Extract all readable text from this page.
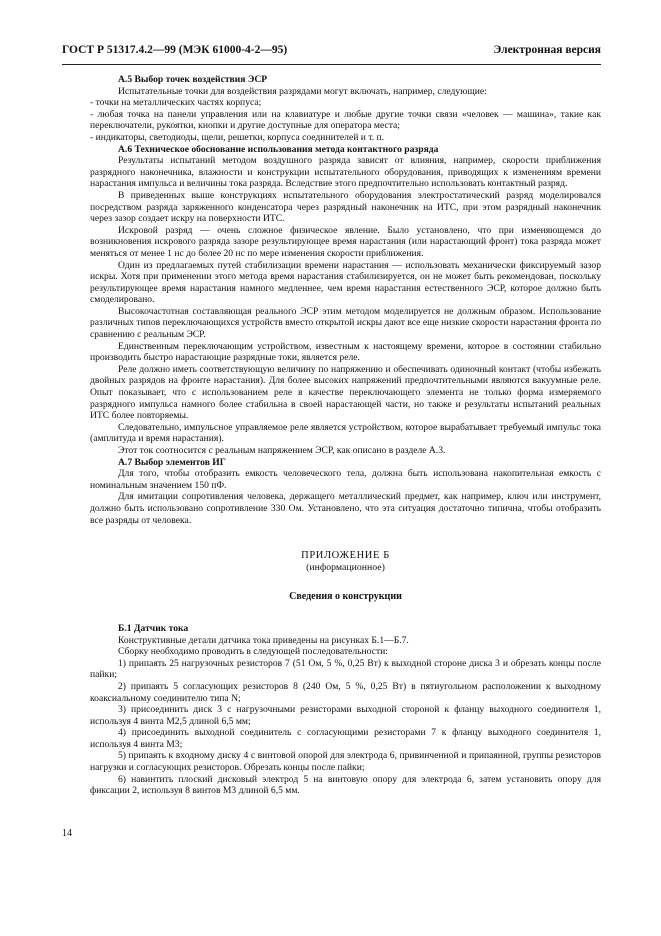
ГОСТ Р 51317.4.2—99 (МЭК 61000-4-2—95)	Электронная версия

А.5 Выбор точек воздействия ЭСР

Испытательные точки для воздействия разрядами могут включать, например, следующие:

- точки на металлических частях корпуса;

- любая точка на панели управления или на клавиатуре и любые другие точки связи «человек — машина», такие как переключатели, рукоятки, кнопки и другие доступные для оператора места;

- индикаторы, светодиоды, щели, решетки, корпуса соединителей и т. п.

А.6 Техническое обоснование использования метода контактного разряда

Результаты испытаний методом воздушного разряда зависят от влияния, например, скорости приближения разрядного наконечника, влажности и конструкции испытательного оборудования, приводящих к изменениям времени нарастания импульса и величины тока разряда. Вследствие этого предпочтительно использовать контактный разряд.

В приведенных выше конструкциях испытательного оборудования электростатический разряд моделировался посредством разряда заряженного конденсатора через разрядный наконечник на ИТС, при этом разрядный наконечник через зазор создает искру на поверхности ИТС.

Искровой разряд — очень сложное физическое явление. Было установлено, что при изменяющемся до возникновения искрового разряда зазоре результирующее время нарастания (или нарастающий фронт) тока разряда может меняться от менее 1 нс до более 20 нс по мере изменения скорости приближения.

Один из предлагаемых путей стабилизации времени нарастания — использовать механически фиксируемый зазор искры. Хотя при применении этого метода время нарастания стабилизируется, он не может быть рекомендован, поскольку результирующее время нарастания намного медленнее, чем время нарастания естественного ЭСР, которое должно быть смоделировано.

Высокочастотная составляющая реального ЭСР этим методом моделируется не должным образом. Использование различных типов переключающихся устройств вместо открытой искры дают все еще низкие скорости нарастания фронта по сравнению с реальным ЭСР.

Единственным переключающим устройством, известным к настоящему времени, которое в состоянии стабильно производить быстро нарастающие разрядные токи, является реле.

Реле должно иметь соответствующую величину по напряжению и обеспечивать одиночный контакт (чтобы избежать двойных разрядов на фронте нарастания). Для более высоких напряжений предпочтительными являются вакуумные реле. Опыт показывает, что с использованием реле в качестве переключающего элемента не только форма измеряемого разрядного импульса намного более стабильна в своей нарастающей части, но также и результаты испытаний реальных ИТС более повторяемы.

Следовательно, импульсное управляемое реле является устройством, которое вырабатывает требуемый импульс тока (амплитуда и время нарастания).

Этот ток соотносится с реальным напряжением ЭСР, как описано в разделе А.3.

А.7 Выбор элементов ИГ

Для того, чтобы отобразить емкость человеческого тела, должна быть использована накопительная емкость с номинальным значением 150 пФ.

Для имитации сопротивления человека, держащего металлический предмет, как например, ключ или инструмент, должно быть использовано сопротивление 330 Ом. Установлено, что эта ситуация достаточно типична, чтобы отобразить все разряды от человека.

ПРИЛОЖЕНИЕ Б
(информационное)
Сведения о конструкции

Б.1 Датчик тока

Конструктивные детали датчика тока приведены на рисунках Б.1—Б.7.

Сборку необходимо проводить в следующей последовательности:

1) припаять 25 нагрузочных резисторов 7 (51 Ом, 5 %, 0,25 Вт) к выходной стороне диска 3 и обрезать концы после пайки;

2) припаять 5 согласующих резисторов 8 (240 Ом, 5 %, 0,25 Вт) в пятиугольном расположении к выходному коаксиальному соединителю типа N;

3) присоединить диск 3 с нагрузочными резисторами выходной стороной к фланцу выходного соединителя 1, используя 4 винта М2,5 длиной 6,5 мм;

4) присоединить выходной соединитель с согласующими резисторами 7 к фланцу выходного соединителя 1, используя 4 винта М3;

5) припаять к входному диску 4 с винтовой опорой для электрода 6, привинченной и припаянной, группы резисторов нагрузки и согласующих резисторов. Обрезать концы после пайки;

6) навинтить плоский дисковый электрод 5 на винтовую опору для электрода 6, затем установить опору для фиксации 2, используя 8 винтов М3 длиной 6,5 мм.

14
